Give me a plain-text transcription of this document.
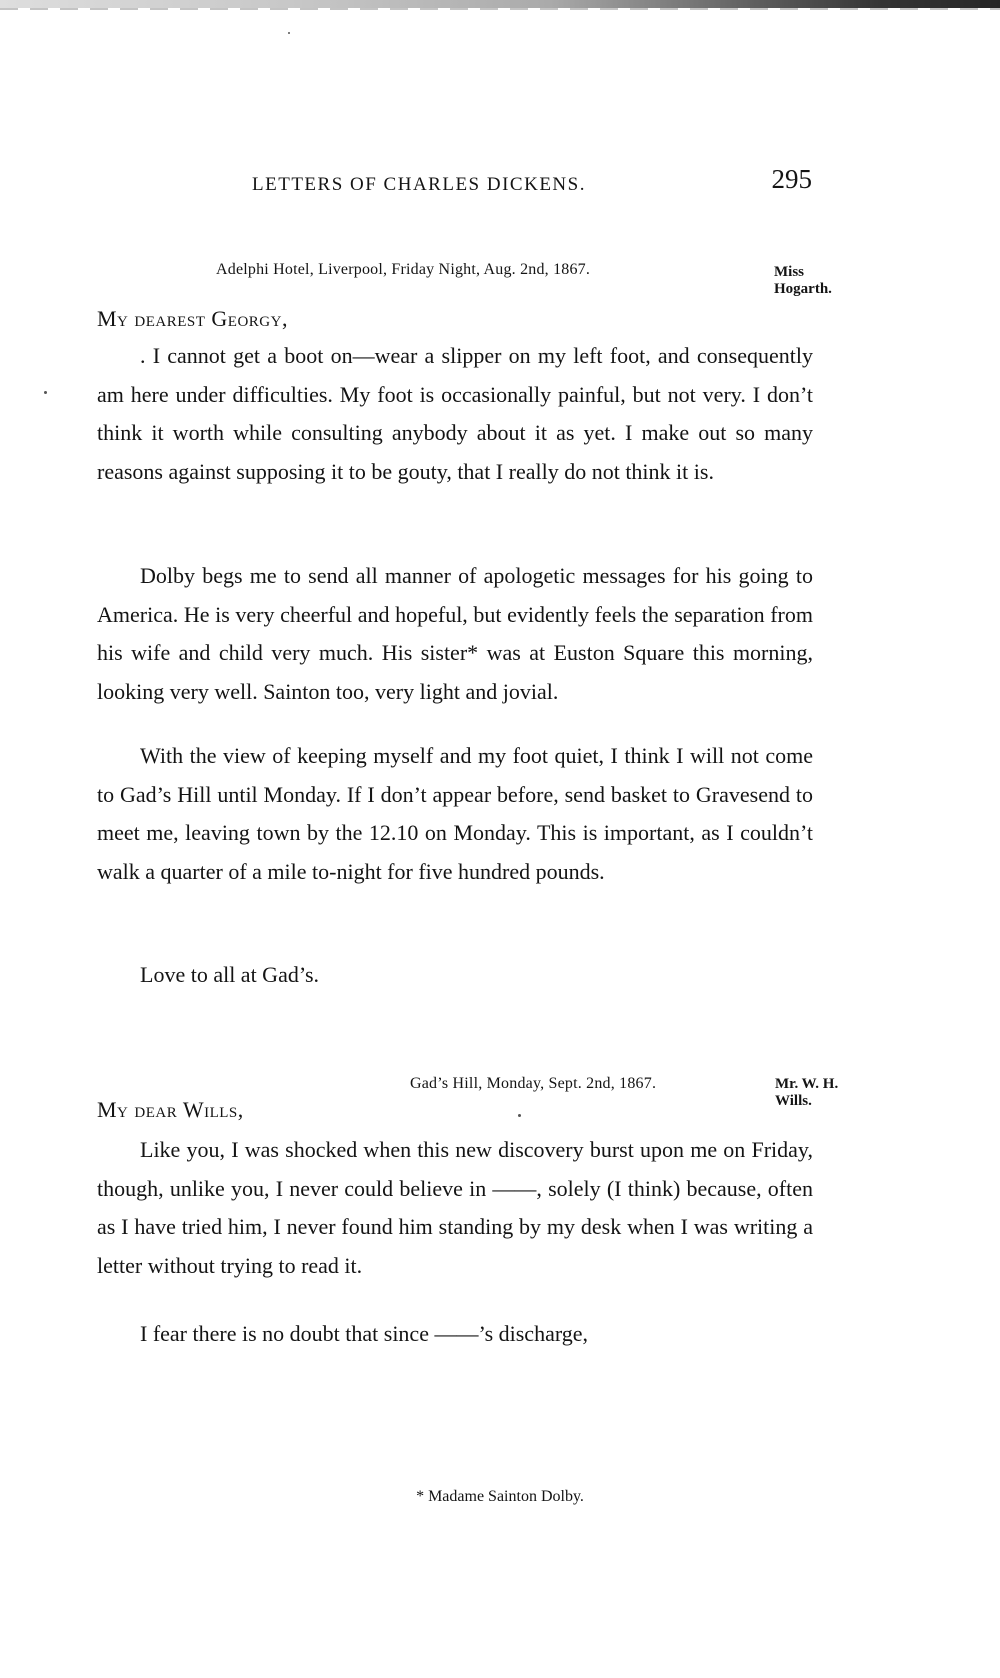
LETTERS OF CHARLES DICKENS.	295
Adelphi Hotel, Liverpool, Friday Night, Aug. 2nd, 1867.	Miss
Hogarth.
My dearest Georgy,

. I cannot get a boot on—wear a slipper on my left foot, and consequently am here under difficulties. My foot is occasionally painful, but not very. I don’t think it worth while consulting anybody about it as yet. I make out so many reasons against supposing it to be gouty, that I really do not think it is.

Dolby begs me to send all manner of apologetic messages for his going to America. He is very cheerful and hopeful, but evidently feels the separation from his wife and child very much. His sister* was at Euston Square this morning, looking very well. Sainton too, very light and jovial.

With the view of keeping myself and my foot quiet, I think I will not come to Gad’s Hill until Monday. If I don’t appear before, send basket to Gravesend to meet me, leaving town by the 12.10 on Monday. This is important, as I couldn’t walk a quarter of a mile to-night for five hundred pounds.

Love to all at Gad’s.

Gad’s Hill, Monday, Sept. 2nd, 1867.	Mr. W. H.
Wills.
My dear Wills,

Like you, I was shocked when this new discovery burst upon me on Friday, though, unlike you, I never could believe in ——, solely (I think) because, often as I have tried him, I never found him standing by my desk when I was writing a letter without trying to read it.

I fear there is no doubt that since ——’s discharge,

* Madame Sainton Dolby.
